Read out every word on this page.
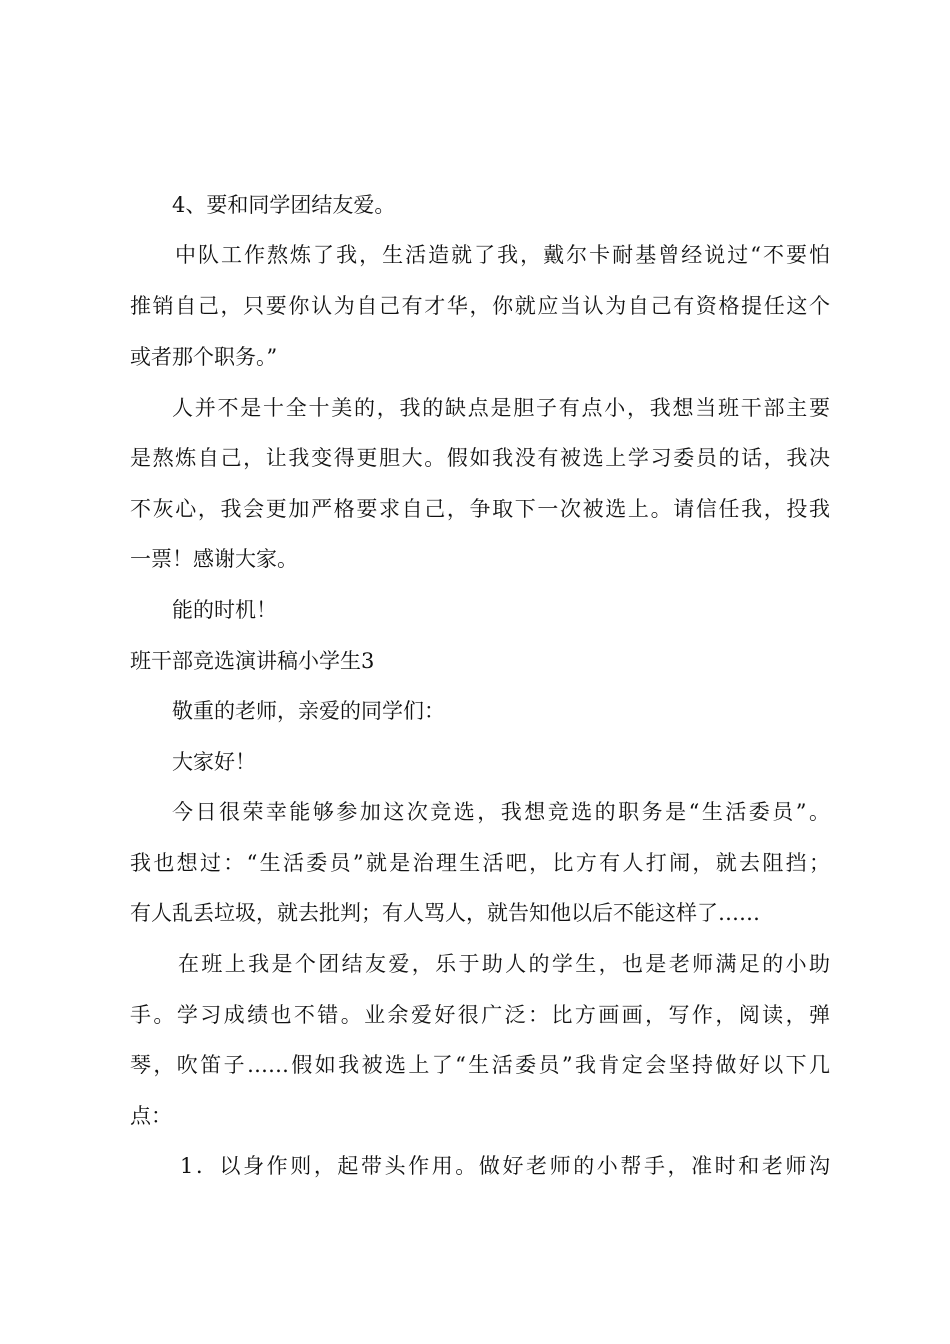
4、要和同学团结友爱。
中队工作熬炼了我，生活造就了我，戴尔卡耐基曾经说过“不要怕
推销自己，只要你认为自己有才华，你就应当认为自己有资格提任这个
或者那个职务。”
人并不是十全十美的，我的缺点是胆子有点小，我想当班干部主要
是熬炼自己，让我变得更胆大。假如我没有被选上学习委员的话，我决
不灰心，我会更加严格要求自己，争取下一次被选上。请信任我，投我
一票！感谢大家。
能的时机！
班干部竞选演讲稿小学生3
敬重的老师，亲爱的同学们：
大家好！
今日很荣幸能够参加这次竞选，我想竞选的职务是“生活委员”。
我也想过：“生活委员”就是治理生活吧，比方有人打闹，就去阻挡；
有人乱丢垃圾，就去批判；有人骂人，就告知他以后不能这样了……
在班上我是个团结友爱，乐于助人的学生，也是老师满足的小助
手。学习成绩也不错。业余爱好很广泛：比方画画，写作，阅读，弹
琴，吹笛子……假如我被选上了“生活委员”我肯定会坚持做好以下几
点：
1．以身作则，起带头作用。做好老师的小帮手，准时和老师沟
